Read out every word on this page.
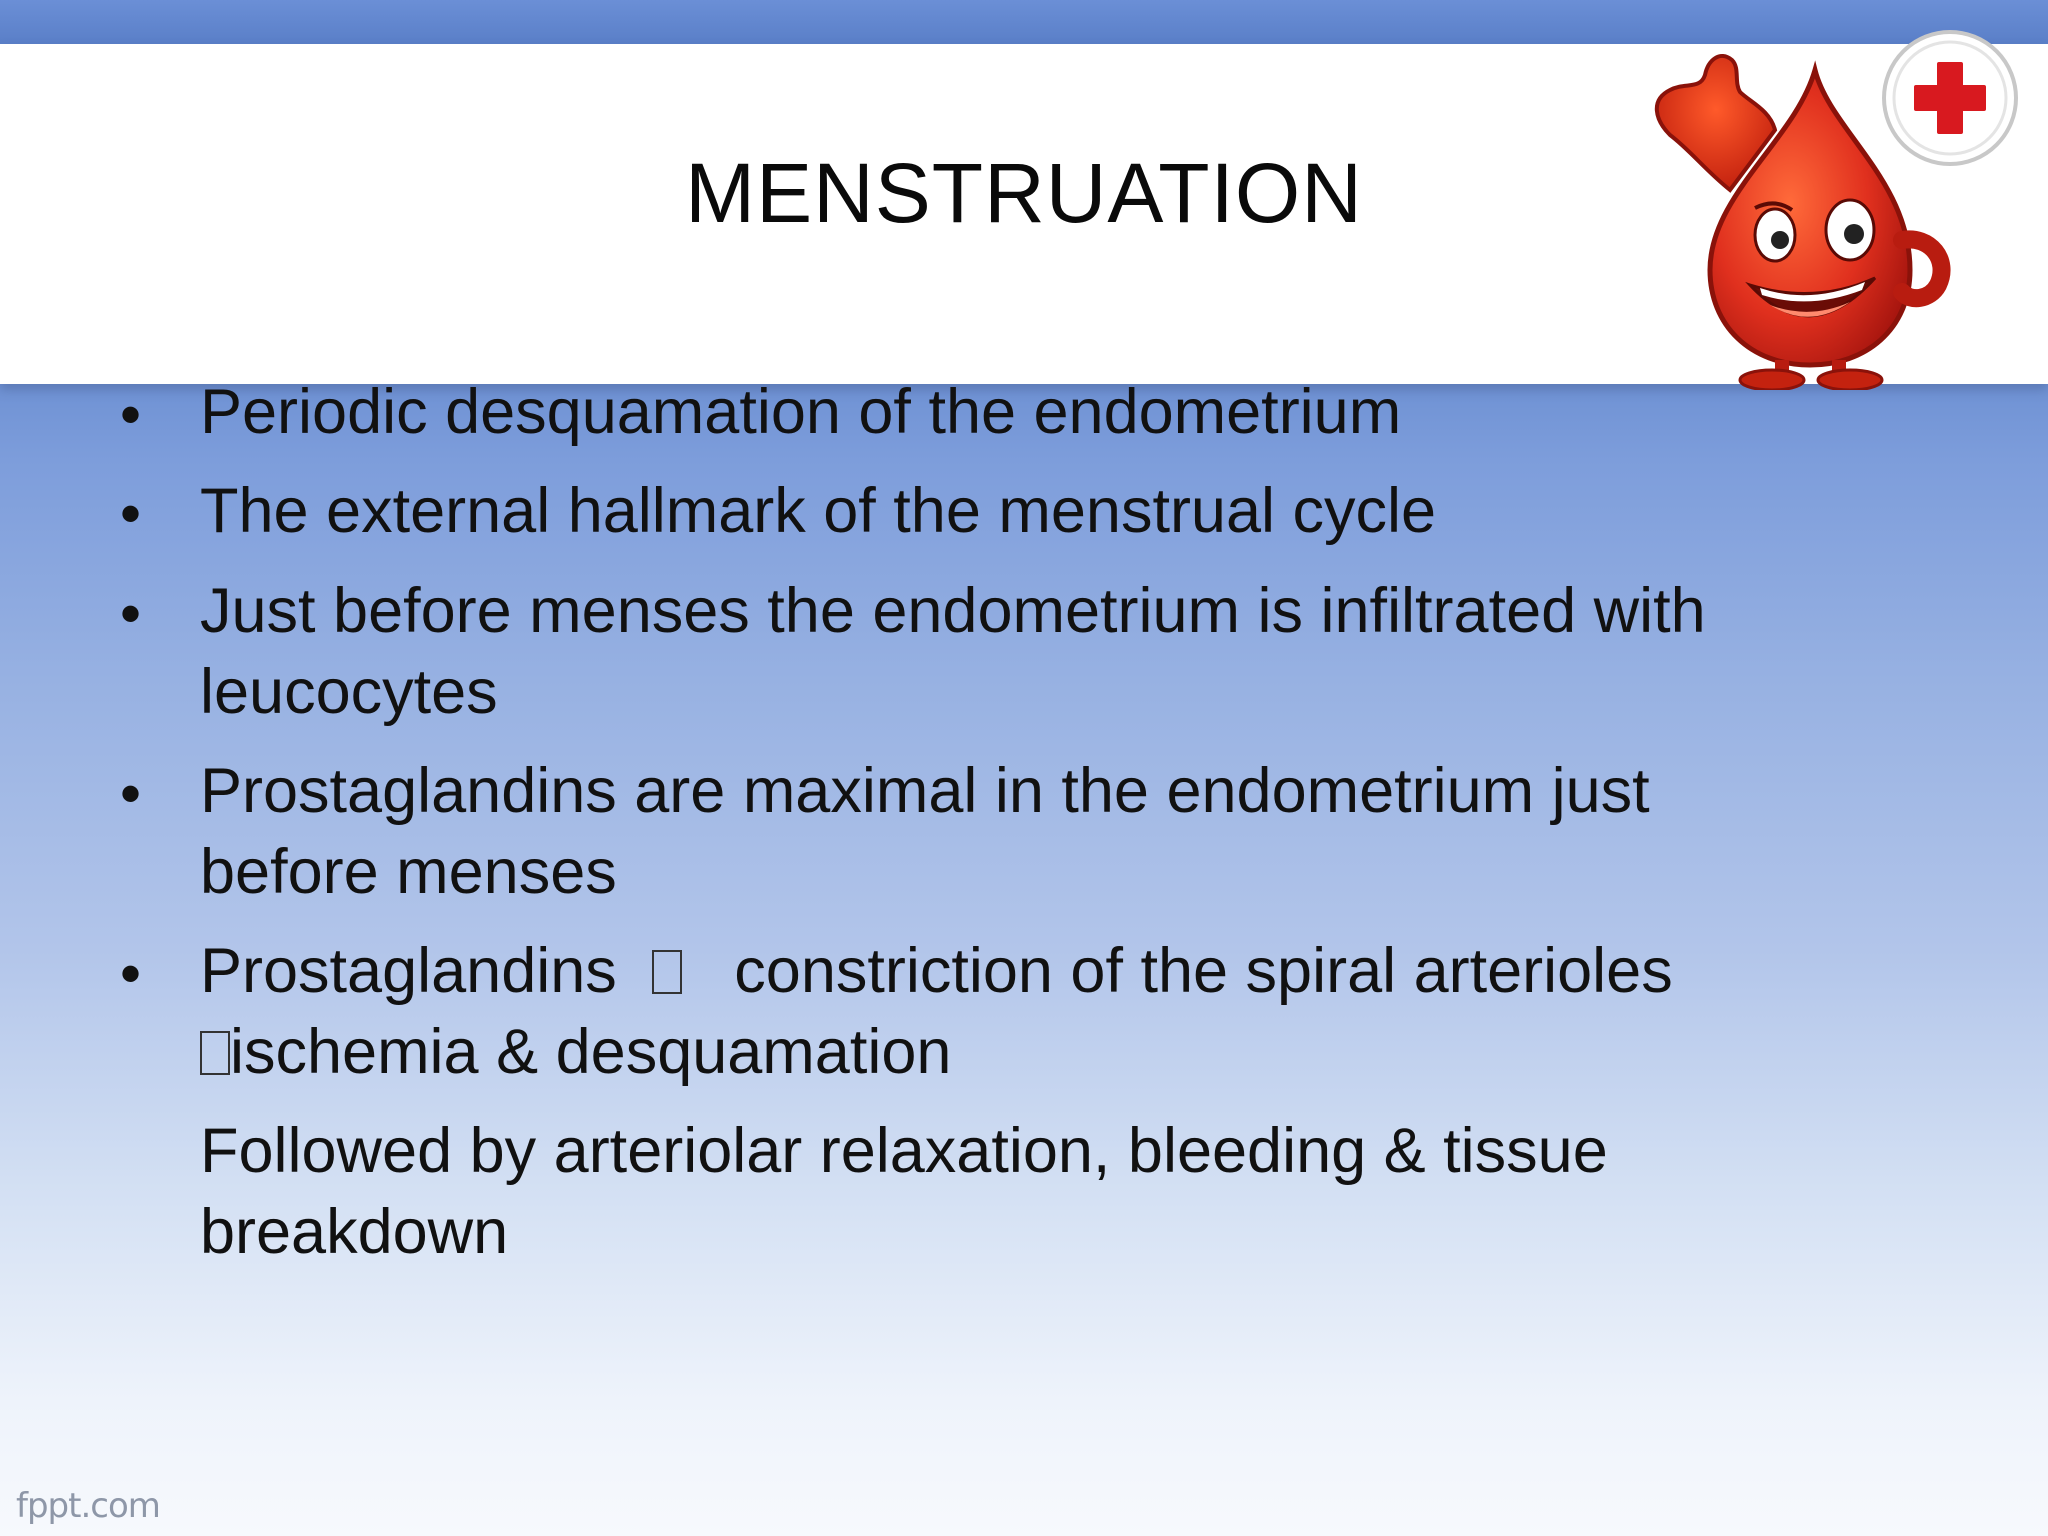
MENSTRUATION
• Periodic desquamation of the endometrium
• The external hallmark of the menstrual cycle
• Just before menses the endometrium is infiltrated with
leucocytes
• Prostaglandins are maximal in the endometrium just
before menses
• Prostaglandins constriction of the spiral arterioles
ischemia & desquamation
Followed by arteriolar relaxation, bleeding & tissue
breakdown
fppt.com
